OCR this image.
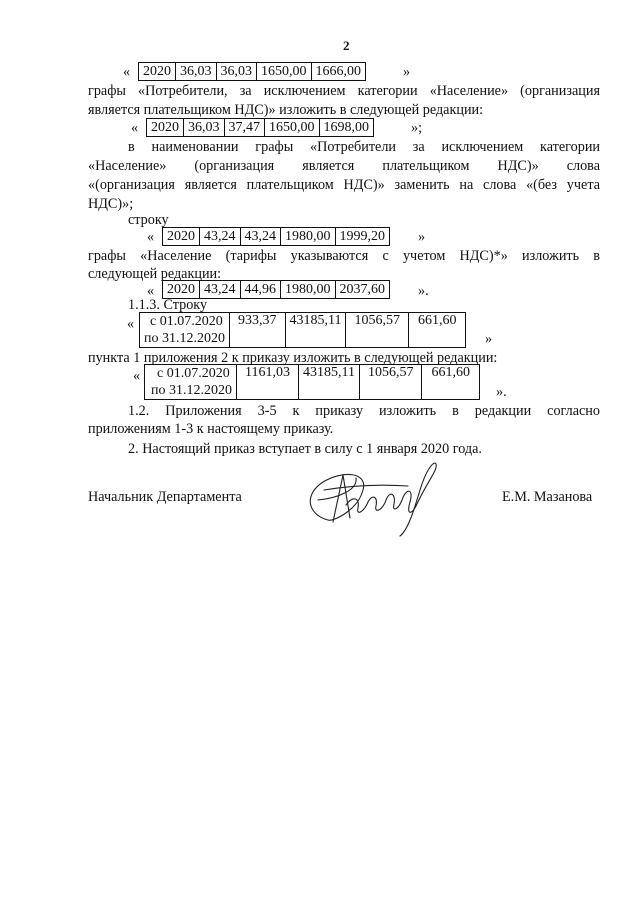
2
« 2020	36,03	36,03	1650,00	1666,00	»
графы «Потребители, за исключением категории «Население» (организация
является плательщиком НДС)» изложить в следующей редакции:
« 2020	36,03	37,47	1650,00	1698,00	»;
в наименовании графы «Потребители за исключением категории
«Население» (организация является плательщиком НДС)» слова
«(организация является плательщиком НДС)» заменить на слова «(без учета
НДС)»;
строку
« 2020	43,24	43,24	1980,00	1999,20 »
графы «Население (тарифы указываются с учетом НДС)*» изложить в
следующей редакции:
« 2020	43,24	44,96	1980,00	2037,60 ».
1.1.3. Строку
« с 01.07.2020
по 31.12.2020
	933,37	43185,11	1056,57	661,60
»
пункта 1 приложения 2 к приказу изложить в следующей редакции:
« с 01.07.2020
по 31.12.2020
	1161,03	43185,11	1056,57	661,60
».
1.2. Приложения 3-5 к приказу изложить в редакции согласно
приложениям 1-3 к настоящему приказу.
2. Настоящий приказ вступает в силу с 1 января 2020 года.
Начальник Департамента	Е.М. Мазанова
